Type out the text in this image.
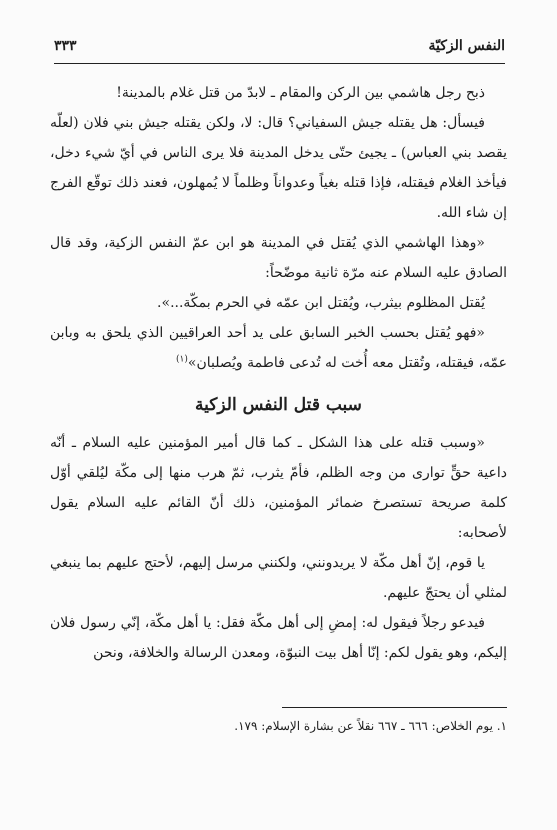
النفس الزكيّة
٣٣٣

ذبح رجل هاشمي بين الركن والمقام ـ لابدّ من قتل غلام بالمدينة!

فيسأل: هل يقتله جيش السفياني؟ قال: لا، ولكن يقتله جيش بني فلان (لعلّه يقصد بني العباس) ـ يجيئ حتّى يدخل المدينة فلا يرى الناس في أيّ شيء دخل، فيأخذ الغلام فيقتله، فإذا قتله بغياً وعدواناً وظلماً لا يُمهلون، فعند ذلك توقّع الفرج إن شاء الله.

«وهذا الهاشمي الذي يُقتل في المدينة هو ابن عمّ النفس الزكية، وقد قال الصادق عليه السلام عنه مرّة ثانية موضّحاً:

يُقتل المظلوم بيثرب، ويُقتل ابن عمّه في الحرم بمكّة...».

«فهو يُقتل بحسب الخبر السابق على يد أحد العراقيين الذي يلحق به وبابن عمّه، فيقتله، وتُقتل معه أُخت له تُدعى فاطمة ويُصلبان»$^{(١)}$

سبب قتل النفس الزكية

«وسبب قتله على هذا الشكل ـ كما قال أمير المؤمنين عليه السلام ـ أنّه داعية حقٍّ توارى من وجه الظلم، فأمّ يثرب، ثمّ هرب منها إلى مكّة ليُلقي أوّل كلمة صريحة تستصرخ ضمائر المؤمنين، ذلك أنّ القائم عليه السلام يقول لأصحابه:

يا قوم، إنّ أهل مكّة لا يريدونني، ولكنني مرسل إليهم، لأحتج عليهم بما ينبغي لمثلي أن يحتجّ عليهم.

فيدعو رجلاً فيقول له: إمضِ إلى أهل مكّة فقل: يا أهل مكّة، إنّي رسول فلان إليكم، وهو يقول لكم: إنّا أهل بيت النبوّة، ومعدن الرسالة والخلافة، ونحن

١. يوم الخلاص: ٦٦٦ ـ ٦٦٧ نقلاً عن بشارة الإسلام: ١٧٩.
